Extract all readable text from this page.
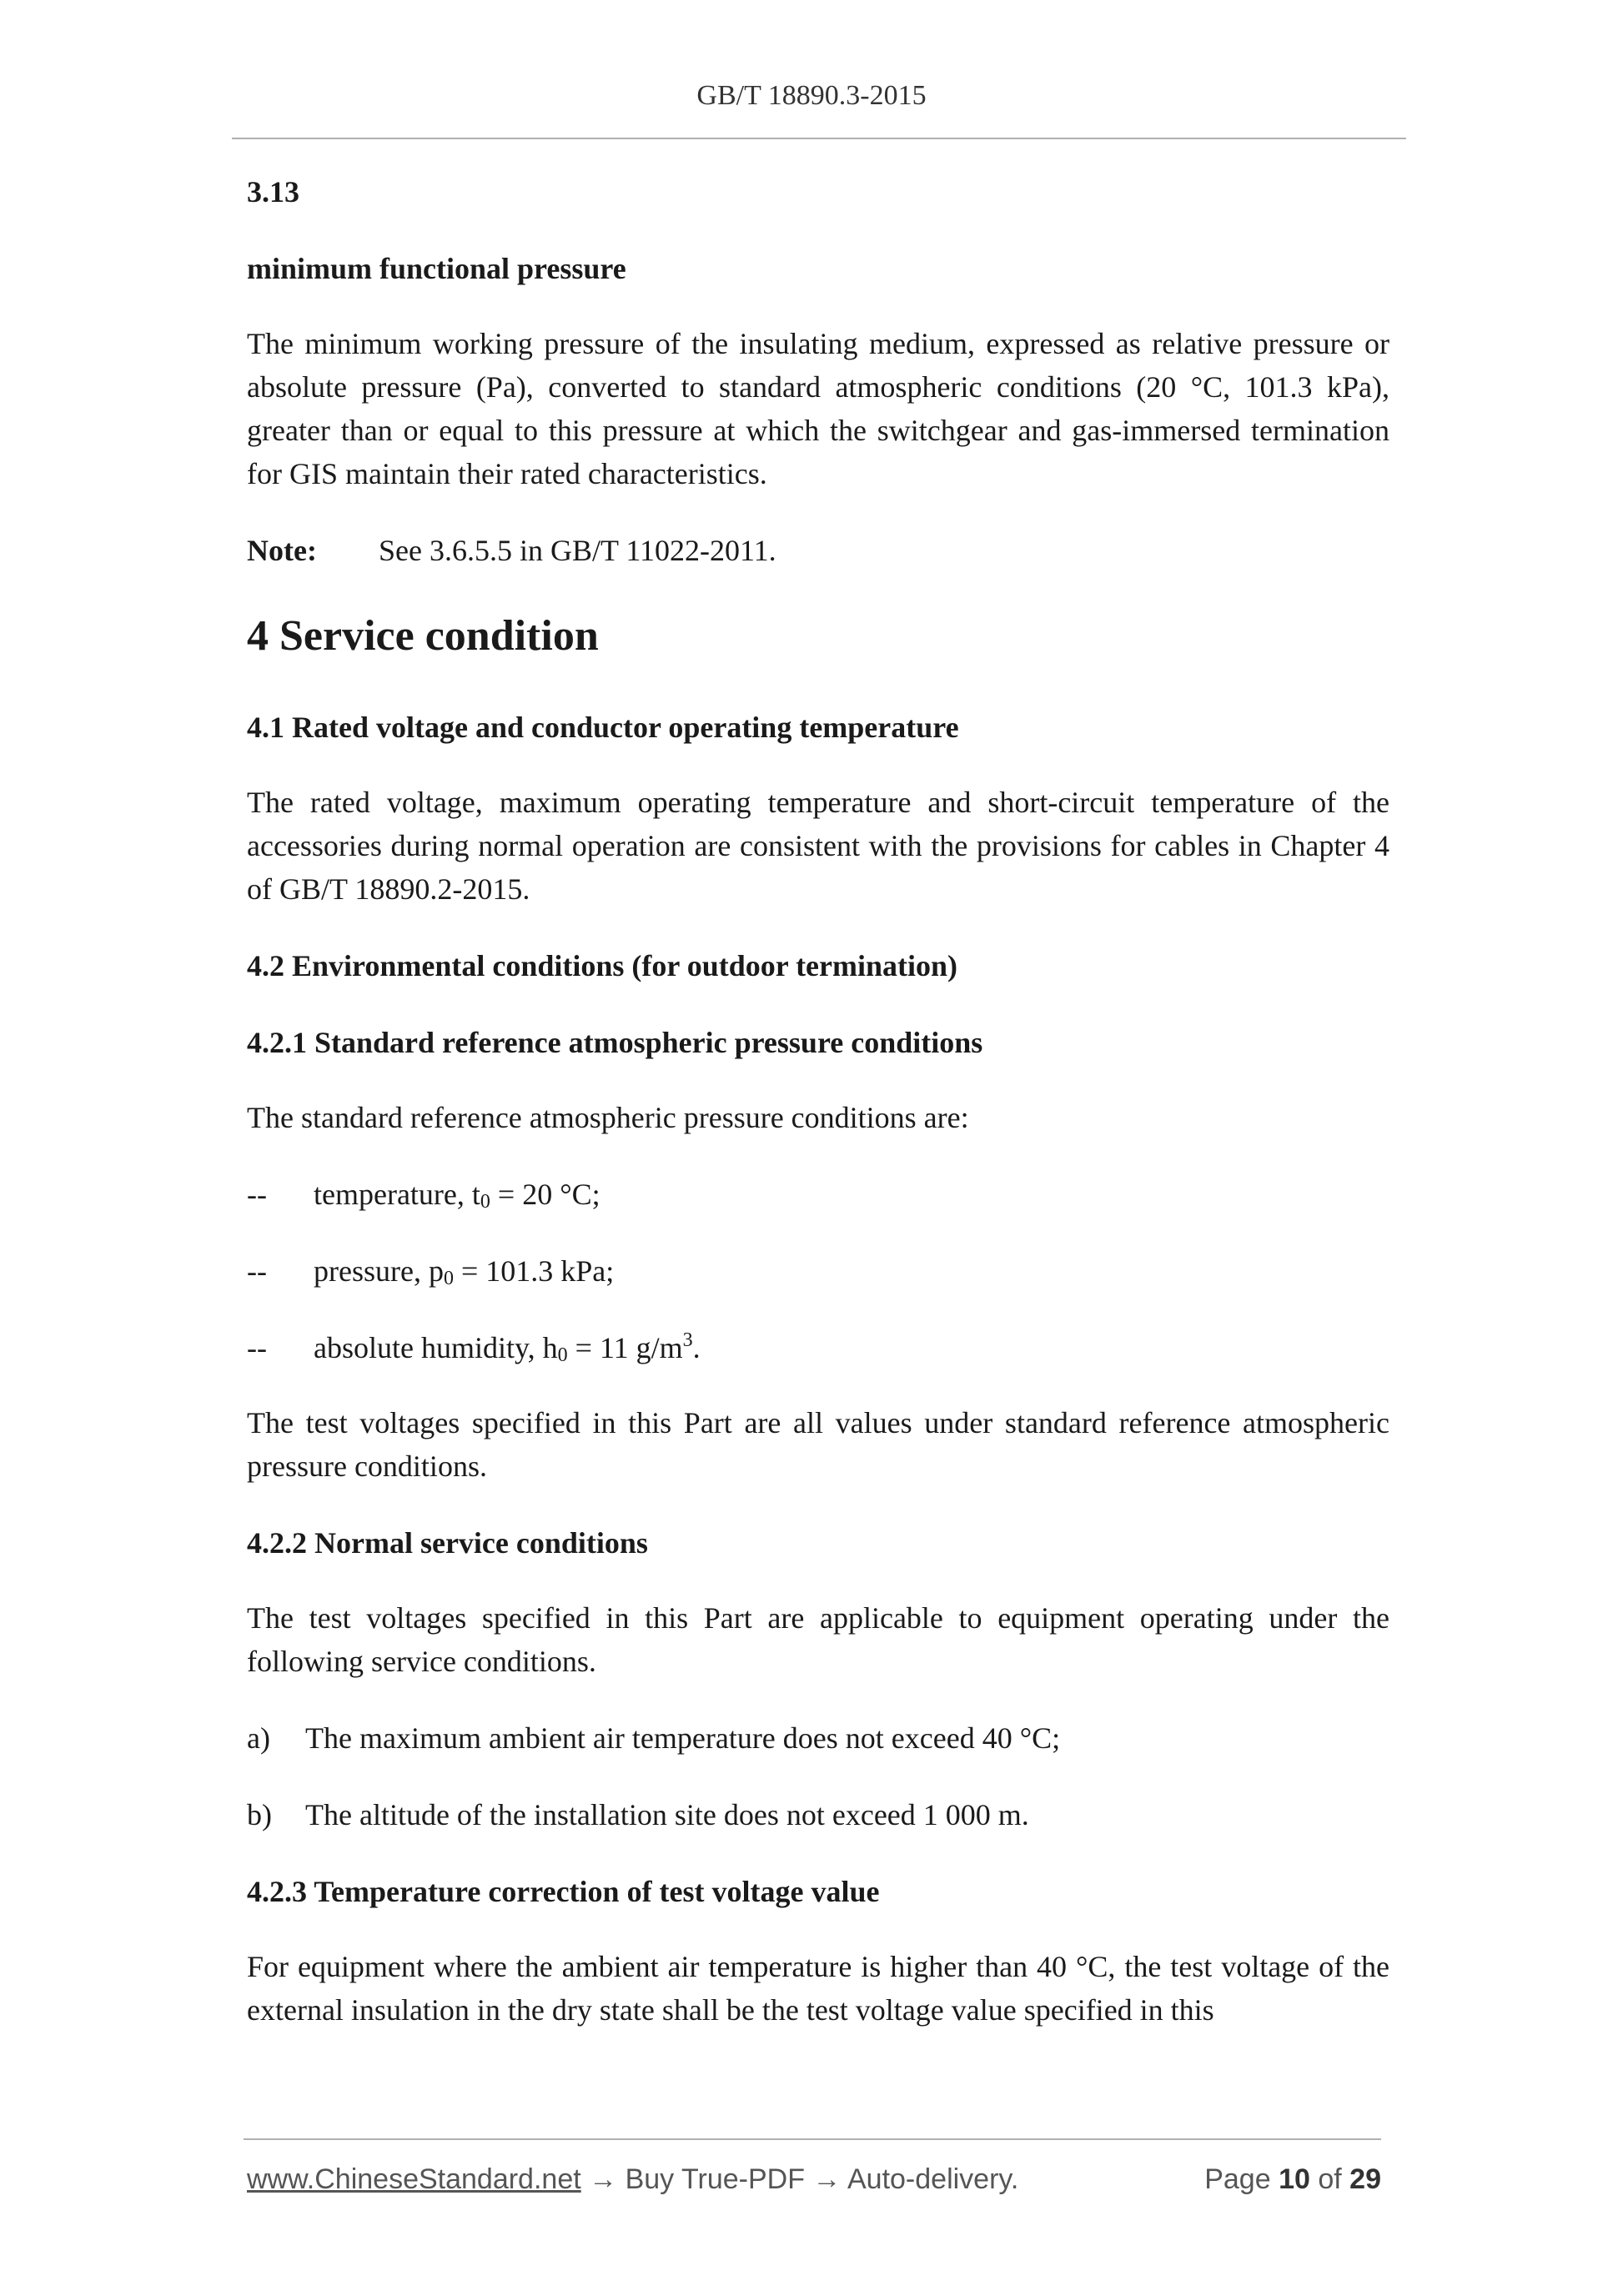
GB/T 18890.3-2015

3.13

minimum functional pressure

The minimum working pressure of the insulating medium, expressed as relative pressure or absolute pressure (Pa), converted to standard atmospheric conditions (20 °C, 101.3 kPa), greater than or equal to this pressure at which the switchgear and gas-immersed termination for GIS maintain their rated characteristics.

Note: See 3.6.5.5 in GB/T 11022-2011.

4 Service condition

4.1 Rated voltage and conductor operating temperature

The rated voltage, maximum operating temperature and short-circuit temperature of the accessories during normal operation are consistent with the provisions for cables in Chapter 4 of GB/T 18890.2-2015.

4.2 Environmental conditions (for outdoor termination)

4.2.1 Standard reference atmospheric pressure conditions

The standard reference atmospheric pressure conditions are:

-- temperature, $t_0 = 20$ °C;

-- pressure, $p_0 = 101.3$ kPa;

-- absolute humidity, $h_0 = 11$ $g/m^3$.

The test voltages specified in this Part are all values under standard reference atmospheric pressure conditions.

4.2.2 Normal service conditions

The test voltages specified in this Part are applicable to equipment operating under the following service conditions.

a) The maximum ambient air temperature does not exceed 40 °C;

b) The altitude of the installation site does not exceed 1 000 m.

4.2.3 Temperature correction of test voltage value

For equipment where the ambient air temperature is higher than 40 °C, the test voltage of the external insulation in the dry state shall be the test voltage value specified in this

www.ChineseStandard.net → Buy True-PDF → Auto-delivery.	Page 10 of 29
